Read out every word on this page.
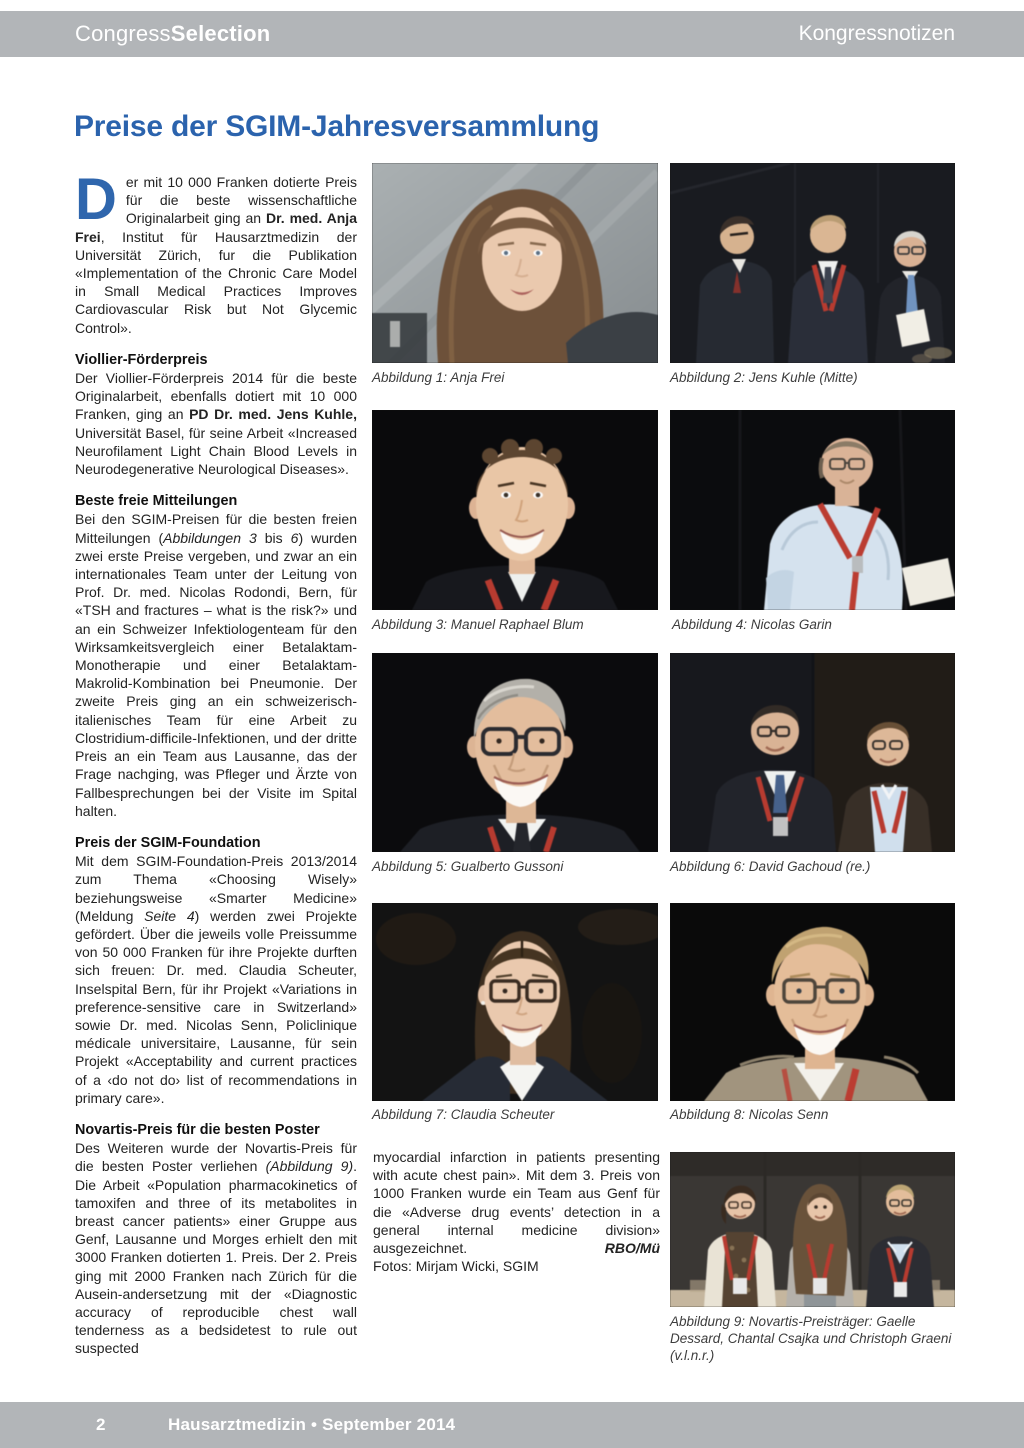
CongressSelection	Kongressnotizen
Preise der SGIM-Jahresversammlung

Der mit 10 000 Franken dotierte Preis für die beste wissenschaftliche Originalarbeit ging an Dr. med. Anja Frei, Institut für Hausarztmedizin der Universität Zürich, fur die Publikation «Implementation of the Chronic Care Model in Small Medical Practices Improves Cardiovascular Risk but Not Glycemic Control».

Viollier-Förderpreis

Der Viollier-Förderpreis 2014 für die beste Originalarbeit, ebenfalls dotiert mit 10 000 Franken, ging an PD Dr. med. Jens Kuhle, Universität Basel, für seine Arbeit «Increased Neurofilament Light Chain Blood Levels in Neurodegenerative Neurological Diseases».

Beste freie Mitteilungen

Bei den SGIM-Preisen für die besten freien Mitteilungen (Abbildungen 3 bis 6) wurden zwei erste Preise vergeben, und zwar an ein internationales Team unter der Leitung von Prof. Dr. med. Nicolas Rodondi, Bern, für «TSH and fractures – what is the risk?» und an ein Schweizer Infektiologenteam für den Wirksamkeitsvergleich einer Betalaktam-Monotherapie und einer Betalaktam-Makrolid-Kombination bei Pneumonie. Der zweite Preis ging an ein schweizerisch-italienisches Team für eine Arbeit zu Clostridium-difficile-Infektionen, und der dritte Preis an ein Team aus Lausanne, das der Frage nachging, was Pfleger und Ärzte von Fallbesprechungen bei der Visite im Spital halten.

Preis der SGIM-Foundation

Mit dem SGIM-Foundation-Preis 2013/2014 zum Thema «Choosing Wisely» beziehungsweise «Smarter Medicine» (Meldung Seite 4) werden zwei Projekte gefördert. Über die jeweils volle Preissumme von 50 000 Franken für ihre Projekte durften sich freuen: Dr. med. Claudia Scheuter, Inselspital Bern, für ihr Projekt «Variations in preference-sensitive care in Switzerland» sowie Dr. med. Nicolas Senn, Policlinique médicale universitaire, Lausanne, für sein Projekt «Acceptability and current practices of a ‹do not do› list of recommendations in primary care».

Novartis-Preis für die besten Poster

Des Weiteren wurde der Novartis-Preis für die besten Poster verliehen (Abbildung 9). Die Arbeit «Population pharmacokinetics of tamoxifen and three of its metabolites in breast cancer patients» einer Gruppe aus Genf, Lausanne und Morges erhielt den mit 3000 Franken dotierten 1. Preis. Der 2. Preis ging mit 2000 Franken nach Zürich für die Ausein-andersetzung mit der «Diagnostic accuracy of reproducible chest wall tenderness as a bedsidetest to rule out suspected

myocardial infarction in patients presenting with acute chest pain». Mit dem 3. Preis von 1000 Franken wurde ein Team aus Genf für die «Adverse drug events’ detection in a general internal medicine division» ausgezeichnet.	RBO/Mü

Fotos: Mirjam Wicki, SGIM

Abbildung 1: Anja Frei	Abbildung 2: Jens Kuhle (Mitte)
Abbildung 3: Manuel Raphael Blum	Abbildung 4: Nicolas Garin
Abbildung 5: Gualberto Gussoni	Abbildung 6: David Gachoud (re.)
Abbildung 7: Claudia Scheuter	Abbildung 8: Nicolas Senn
Abbildung 9: Novartis-Preisträger: Gaelle Dessard, Chantal Csajka und Christoph Graeni (v.l.n.r.)
2	Hausarztmedizin • September 2014
